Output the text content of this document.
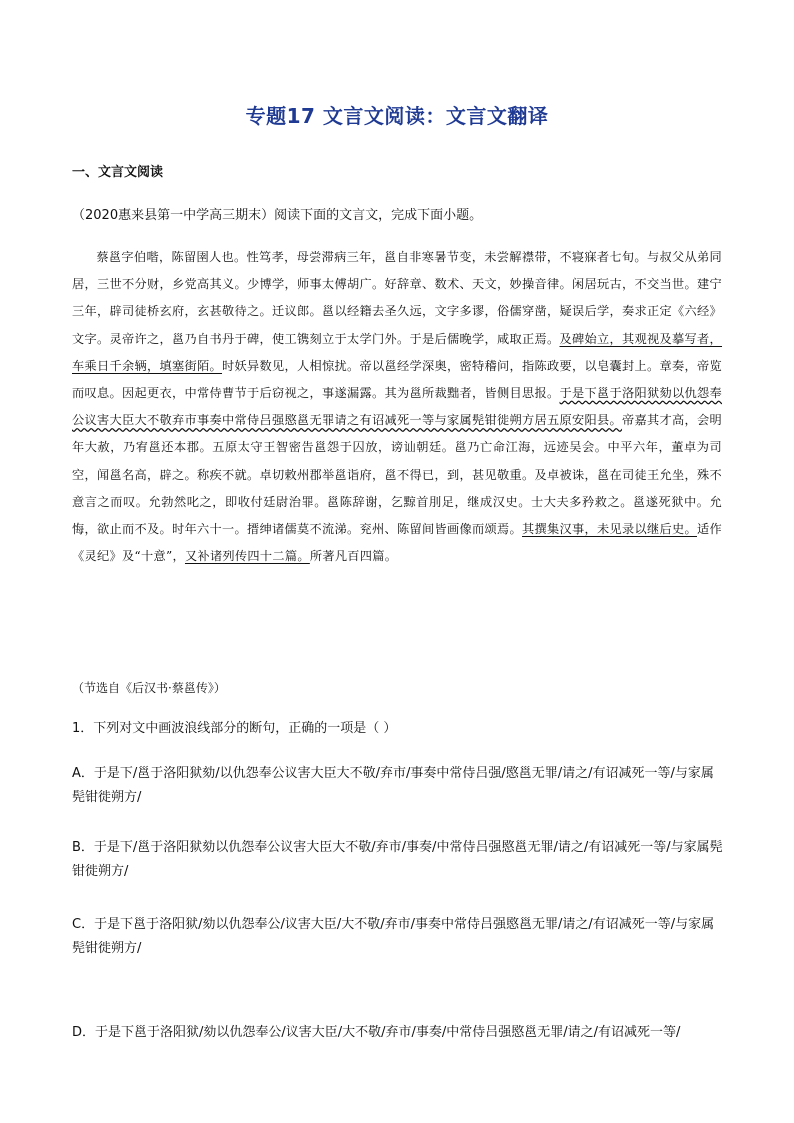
专题17 文言文阅读：文言文翻译
一、文言文阅读
（2020惠来县第一中学高三期末）阅读下面的文言文，完成下面小题。
蔡邕字伯喈，陈留圉人也。性笃孝，母尝滞病三年，邕自非寒暑节变，未尝解襟带，不寝寐者七旬。与叔父从弟同居，三世不分财，乡党高其义。少博学，师事太傅胡广。好辞章、数术、天文，妙操音律。闲居玩古，不交当世。建宁三年，辟司徒桥玄府，玄甚敬待之。迁议郎。邕以经籍去圣久远，文字多谬，俗儒穿凿，疑误后学，奏求正定《六经》文字。灵帝许之，邕乃自书丹于碑，使工镌刻立于太学门外。于是后儒晚学，咸取正焉。及碑始立，其观视及摹写者，车乘日千余辆，填塞街陌。时妖异数见，人相惊扰。帝以邕经学深奥，密特稽问，指陈政要，以皂囊封上。章奏，帝览而叹息。因起更衣，中常侍曹节于后窃视之，事遂漏露。其为邕所裁黜者，皆侧目思报。于是下邕于洛阳狱劾以仇怨奉公议害大臣大不敬弃市事奏中常侍吕强愍邕无罪请之有诏减死一等与家属髡钳徙朔方居五原安阳县。帝嘉其才高，会明年大赦，乃宥邕还本郡。五原太守王智密告邕怨于囚放，谤讪朝廷。邕乃亡命江海，远迹吴会。中平六年，董卓为司空，闻邕名高，辟之。称疾不就。卓切敕州郡举邕诣府，邕不得已，到，甚见敬重。及卓被诛，邕在司徒王允坐，殊不意言之而叹。允勃然叱之，即收付廷尉治罪。邕陈辞谢，乞黥首刖足，继成汉史。士大夫多矜救之。邕遂死狱中。允悔，欲止而不及。时年六十一。搢绅诸儒莫不流涕。兖州、陈留间皆画像而颂焉。其撰集汉事，未见录以继后史。适作《灵纪》及“十意”，又补诸列传四十二篇。所著凡百四篇。
（节选自《后汉书·蔡邕传》）
1．下列对文中画波浪线部分的断句，正确的一项是（ ）
A．于是下/邕于洛阳狱劾/以仇怨奉公议害大臣大不敬/弃市/事奏中常侍吕强/愍邕无罪/请之/有诏减死一等/与家属髡钳徙朔方/
B．于是下/邕于洛阳狱劾以仇怨奉公议害大臣大不敬/弃市/事奏/中常侍吕强愍邕无罪/请之/有诏减死一等/与家属髡钳徙朔方/
C．于是下邕于洛阳狱/劾以仇怨奉公/议害大臣/大不敬/弃市/事奏中常侍吕强愍邕无罪/请之/有诏减死一等/与家属髡钳徙朔方/
D．于是下邕于洛阳狱/劾以仇怨奉公/议害大臣/大不敬/弃市/事奏/中常侍吕强愍邕无罪/请之/有诏减死一等/
